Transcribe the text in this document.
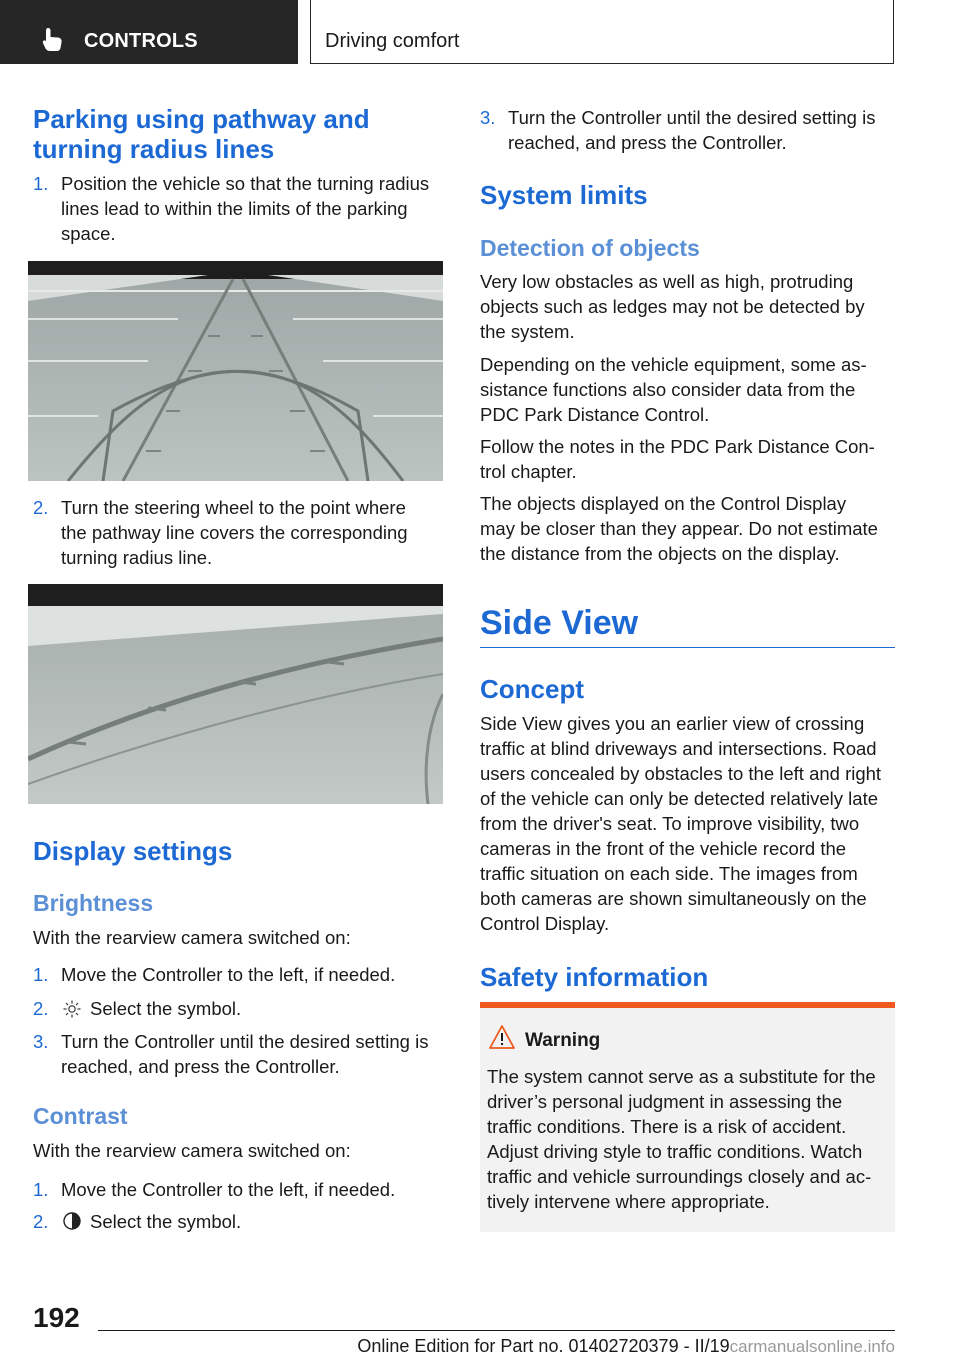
CONTROLS	Driving comfort
Parking using pathway and
turning radius lines
1. Position the vehicle so that the turning radius
lines lead to within the limits of the parking
space.
2. Turn the steering wheel to the point where
the pathway line covers the corresponding
turning radius line.
Display settings
Brightness

With the rearview camera switched on:

1. Move the Controller to the left, if needed.
2. Select the symbol.
3. Turn the Controller until the desired setting is
reached, and press the Controller.
Contrast

With the rearview camera switched on:

1. Move the Controller to the left, if needed.
2. Select the symbol.
3. Turn the Controller until the desired setting is
reached, and press the Controller.
System limits
Detection of objects

Very low obstacles as well as high, protruding
objects such as ledges may not be detected by
the system.

Depending on the vehicle equipment, some as-
sistance functions also consider data from the
PDC Park Distance Control.

Follow the notes in the PDC Park Distance Con-
trol chapter.

The objects displayed on the Control Display
may be closer than they appear. Do not estimate
the distance from the objects on the display.

Side View
Concept

Side View gives you an earlier view of crossing
traffic at blind driveways and intersections. Road
users concealed by obstacles to the left and right
of the vehicle can only be detected relatively late
from the driver's seat. To improve visibility, two
cameras in the front of the vehicle record the
traffic situation on each side. The images from
both cameras are shown simultaneously on the
Control Display.

Safety information
Warning
The system cannot serve as a substitute for the
driver’s personal judgment in assessing the
traffic conditions. There is a risk of accident.
Adjust driving style to traffic conditions. Watch
traffic and vehicle surroundings closely and ac-
tively intervene where appropriate.
192
Online Edition for Part no. 01402720379 - II/19carmanualsonline.info
